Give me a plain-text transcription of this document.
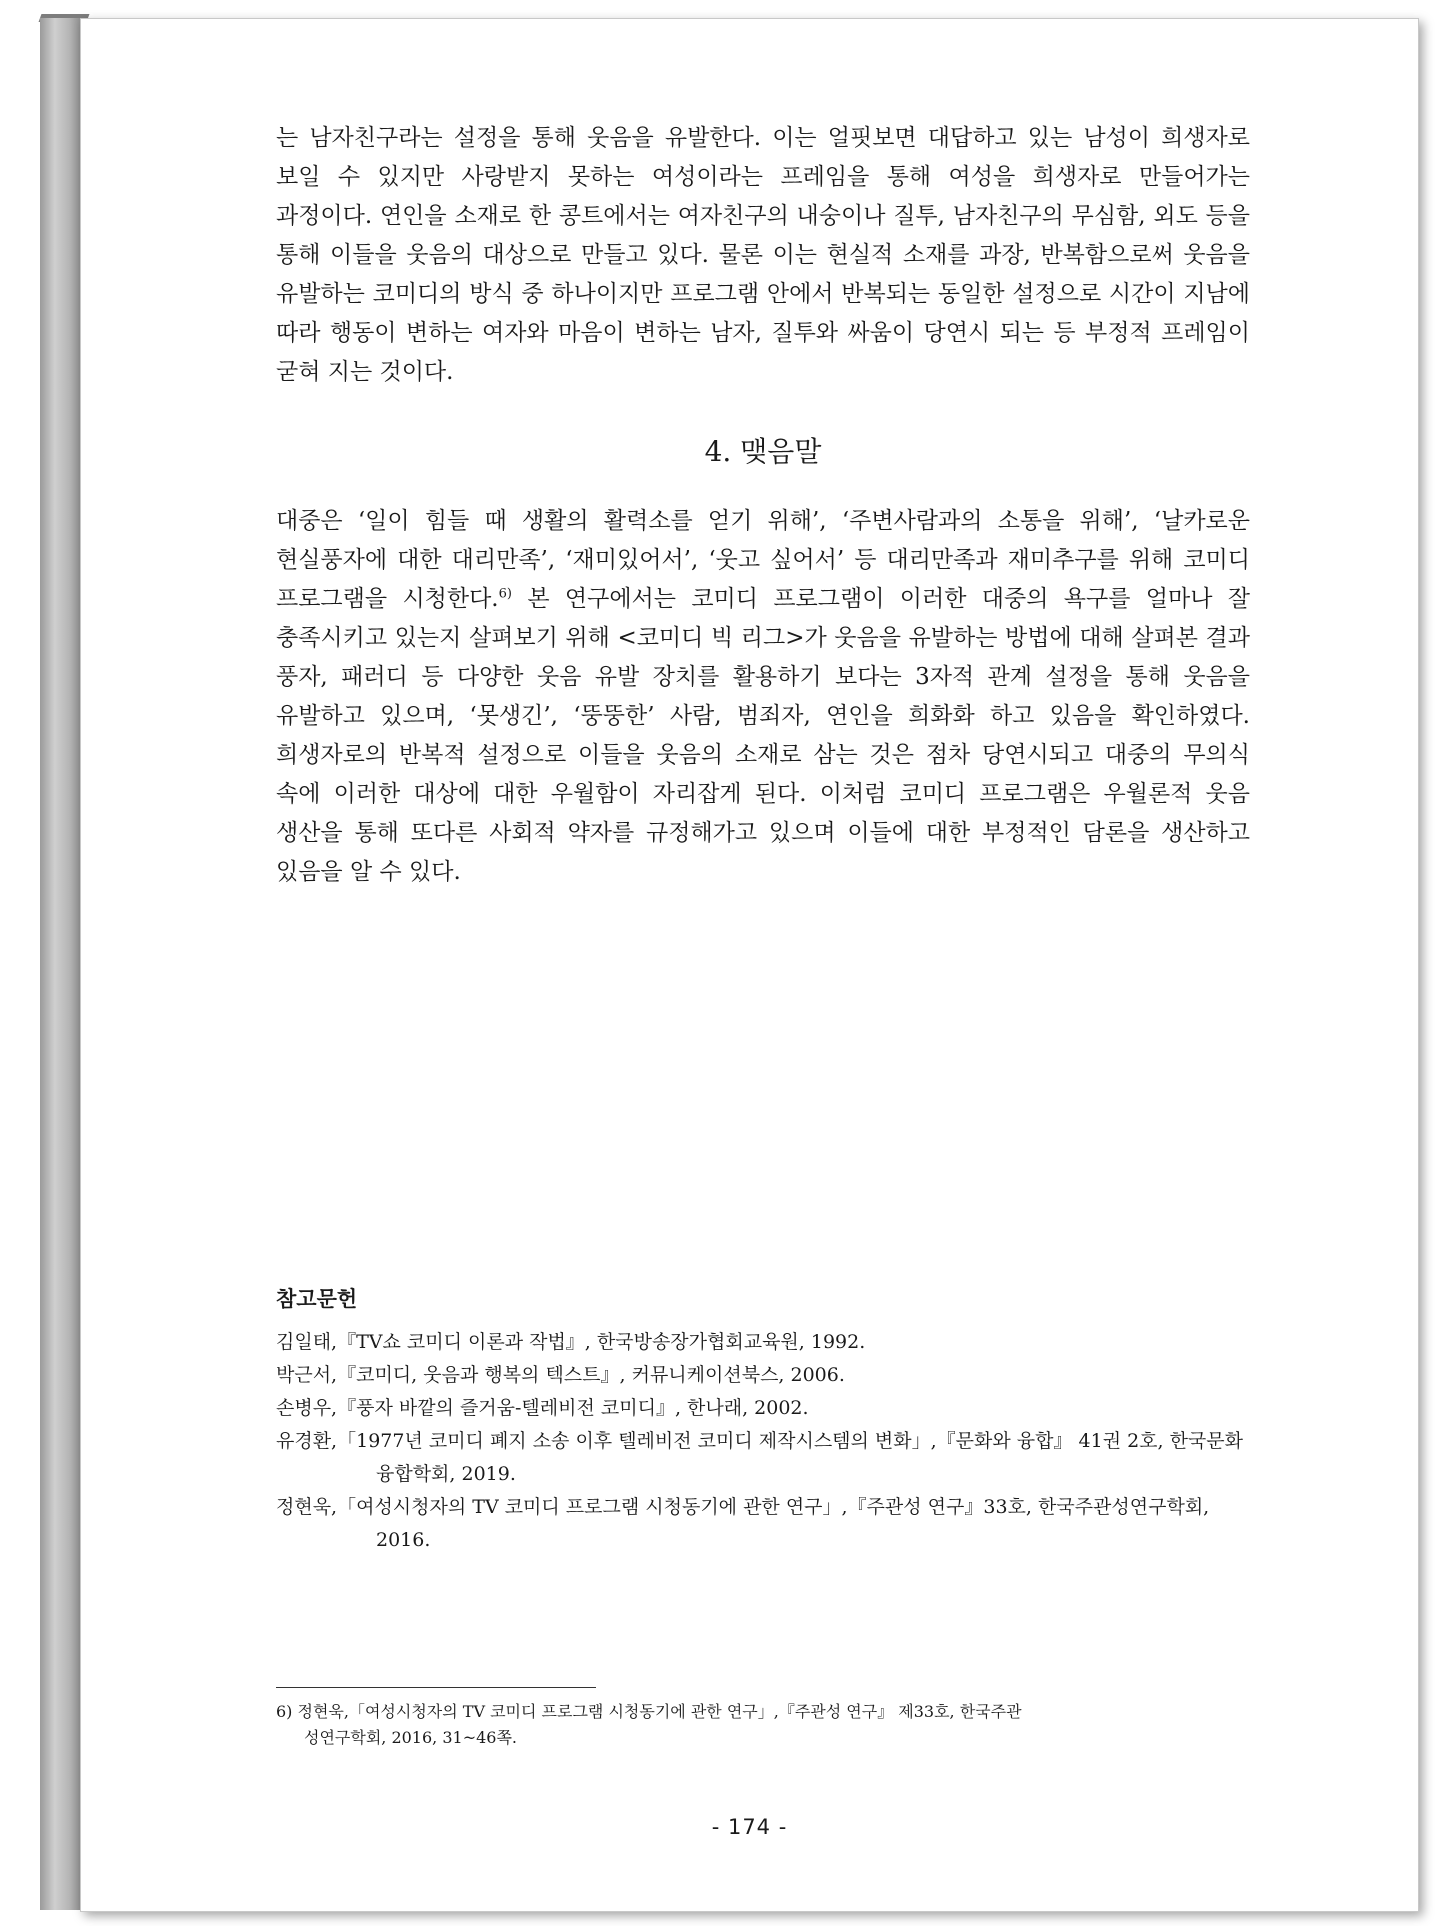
는 남자친구라는 설정을 통해 웃음을 유발한다. 이는 얼핏보면 대답하고 있는 남성이 희생자로 보일 수 있지만 사랑받지 못하는 여성이라는 프레임을 통해 여성을 희생자로 만들어가는 과정이다. 연인을 소재로 한 콩트에서는 여자친구의 내숭이나 질투, 남자친구의 무심함, 외도 등을 통해 이들을 웃음의 대상으로 만들고 있다. 물론 이는 현실적 소재를 과장, 반복함으로써 웃음을 유발하는 코미디의 방식 중 하나이지만 프로그램 안에서 반복되는 동일한 설정으로 시간이 지남에 따라 행동이 변하는 여자와 마음이 변하는 남자, 질투와 싸움이 당연시 되는 등 부정적 프레임이 굳혀 지는 것이다.

4. 맺음말

대중은 ‘일이 힘들 때 생활의 활력소를 얻기 위해’, ‘주변사람과의 소통을 위해’, ‘날카로운 현실풍자에 대한 대리만족’, ‘재미있어서’, ‘웃고 싶어서’ 등 대리만족과 재미추구를 위해 코미디 프로그램을 시청한다.$^{6)}$ 본 연구에서는 코미디 프로그램이 이러한 대중의 욕구를 얼마나 잘 충족시키고 있는지 살펴보기 위해 <코미디 빅 리그>가 웃음을 유발하는 방법에 대해 살펴본 결과 풍자, 패러디 등 다양한 웃음 유발 장치를 활용하기 보다는 3자적 관계 설정을 통해 웃음을 유발하고 있으며, ‘못생긴’, ‘뚱뚱한’ 사람, 범죄자, 연인을 희화화 하고 있음을 확인하였다. 희생자로의 반복적 설정으로 이들을 웃음의 소재로 삼는 것은 점차 당연시되고 대중의 무의식 속에 이러한 대상에 대한 우월함이 자리잡게 된다. 이처럼 코미디 프로그램은 우월론적 웃음 생산을 통해 또다른 사회적 약자를 규정해가고 있으며 이들에 대한 부정적인 담론을 생산하고 있음을 알 수 있다.

참고문헌

김일태,『TV쇼 코미디 이론과 작법』, 한국방송장가협회교육원, 1992.

박근서,『코미디, 웃음과 행복의 텍스트』, 커뮤니케이션북스, 2006.

손병우,『풍자 바깥의 즐거움-텔레비전 코미디』, 한나래, 2002.

유경환,「1977년 코미디 폐지 소송 이후 텔레비전 코미디 제작시스템의 변화」,『문화와 융합』 41권 2호, 한국문화융합학회, 2019.

정현욱,「여성시청자의 TV 코미디 프로그램 시청동기에 관한 연구」,『주관성 연구』33호, 한국주관성연구학회, 2016.

6) 정현욱,「여성시청자의 TV 코미디 프로그램 시청동기에 관한 연구」,『주관성 연구』 제33호, 한국주관
성연구학회, 2016, 31~46쪽.
- 174 -
